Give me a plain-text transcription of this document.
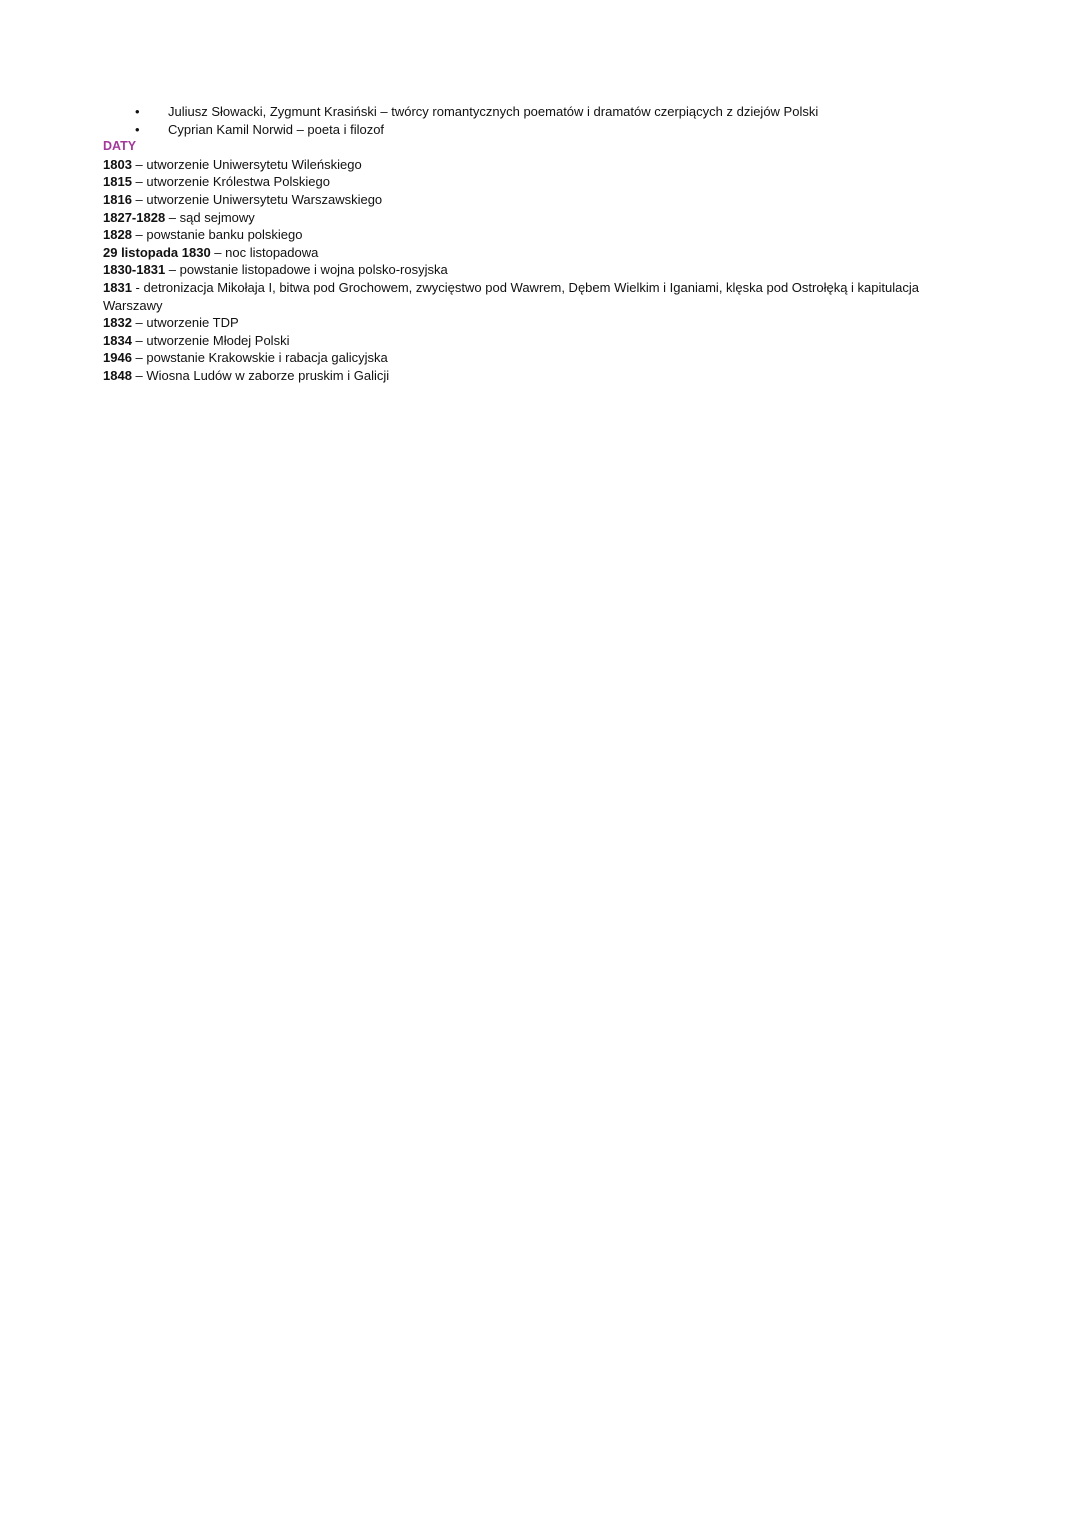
• Juliusz Słowacki, Zygmunt Krasiński – twórcy romantycznych poematów i dramatów czerpiących z dziejów Polski
• Cyprian Kamil Norwid – poeta i filozof
DATY
1803 – utworzenie Uniwersytetu Wileńskiego
1815 – utworzenie Królestwa Polskiego
1816 – utworzenie Uniwersytetu Warszawskiego
1827-1828 – sąd sejmowy
1828 – powstanie banku polskiego
29 listopada 1830 – noc listopadowa
1830-1831 – powstanie listopadowe i wojna polsko-rosyjska
1831 - detronizacja Mikołaja I, bitwa pod Grochowem, zwycięstwo pod Wawrem, Dębem Wielkim i Iganiami, klęska pod Ostrołęką i kapitulacja Warszawy
1832 – utworzenie TDP
1834 – utworzenie Młodej Polski
1946 – powstanie Krakowskie i rabacja galicyjska
1848 – Wiosna Ludów w zaborze pruskim i Galicji
